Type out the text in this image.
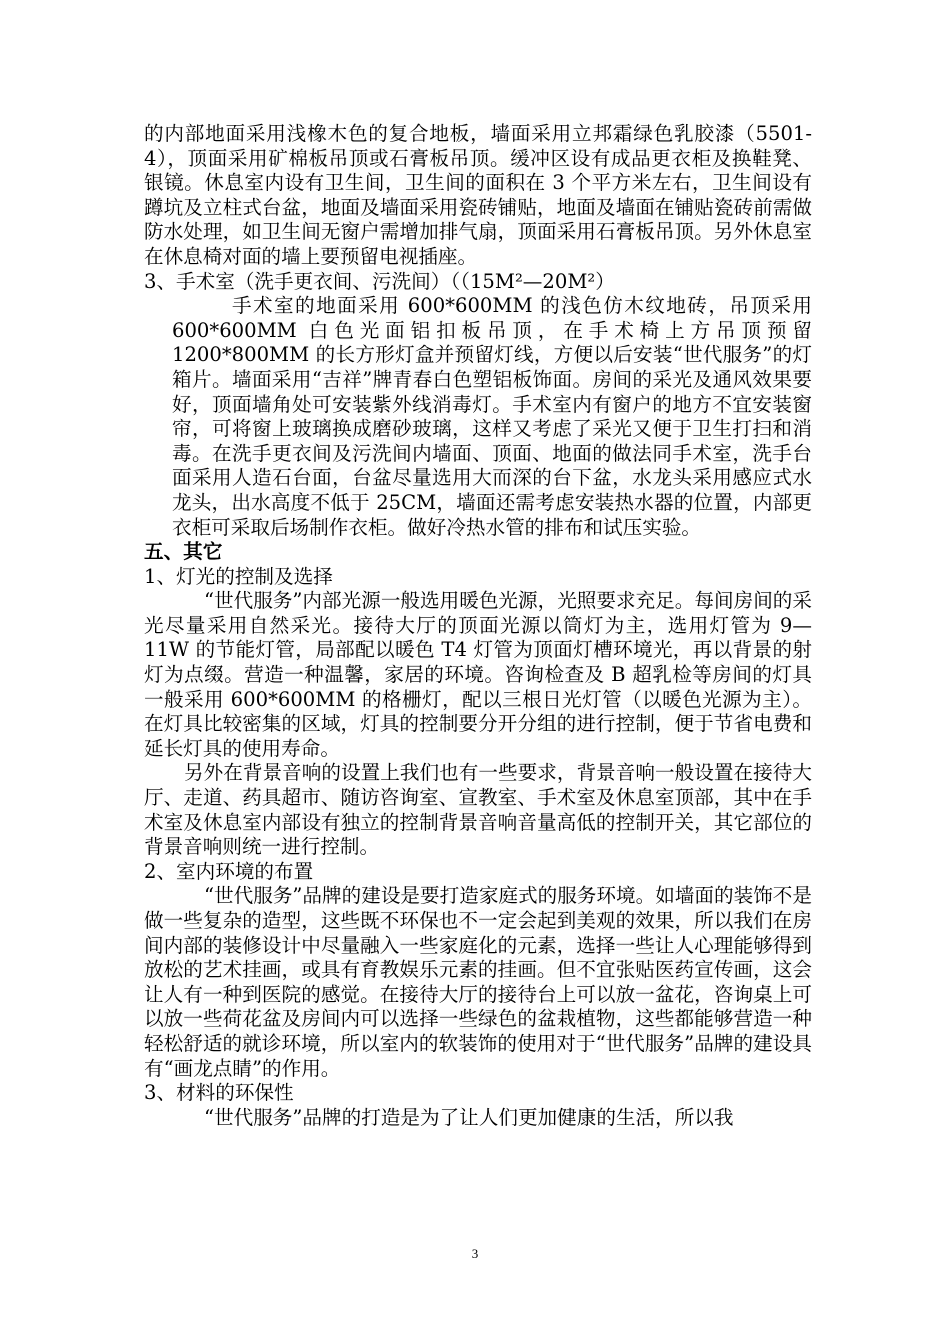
的内部地面采用浅橡木色的复合地板，墙面采用立邦霜绿色乳胶漆（5501-4），顶面采用矿棉板吊顶或石膏板吊顶。缓冲区设有成品更衣柜及换鞋凳、银镜。休息室内设有卫生间，卫生间的面积在 3 个平方米左右，卫生间设有蹲坑及立柱式台盆，地面及墙面采用瓷砖铺贴，地面及墙面在铺贴瓷砖前需做防水处理，如卫生间无窗户需增加排气扇，顶面采用石膏板吊顶。另外休息室在休息椅对面的墙上要预留电视插座。

3、手术室（洗手更衣间、污洗间）（（15M²—20M²）

手术室的地面采用 600*600MM 的浅色仿木纹地砖，吊顶采用 600*600MM 白色光面铝扣板吊顶，在手术椅上方吊顶预留 1200*800MM 的长方形灯盒并预留灯线，方便以后安装“世代服务”的灯箱片。墙面采用“吉祥”牌青春白色塑铝板饰面。房间的采光及通风效果要好，顶面墙角处可安装紫外线消毒灯。手术室内有窗户的地方不宜安装窗帘，可将窗上玻璃换成磨砂玻璃，这样又考虑了采光又便于卫生打扫和消毒。在洗手更衣间及污洗间内墙面、顶面、地面的做法同手术室，洗手台面采用人造石台面，台盆尽量选用大而深的台下盆，水龙头采用感应式水龙头，出水高度不低于 25CM，墙面还需考虑安装热水器的位置，内部更衣柜可采取后场制作衣柜。做好冷热水管的排布和试压实验。

五、其它

1、灯光的控制及选择

“世代服务”内部光源一般选用暖色光源，光照要求充足。每间房间的采光尽量采用自然采光。接待大厅的顶面光源以筒灯为主，选用灯管为 9—11W 的节能灯管，局部配以暖色 T4 灯管为顶面灯槽环境光，再以背景的射灯为点缀。营造一种温馨，家居的环境。咨询检查及 B 超乳检等房间的灯具一般采用 600*600MM 的格栅灯，配以三根日光灯管（以暖色光源为主）。在灯具比较密集的区域，灯具的控制要分开分组的进行控制，便于节省电费和延长灯具的使用寿命。

另外在背景音响的设置上我们也有一些要求，背景音响一般设置在接待大厅、走道、药具超市、随访咨询室、宣教室、手术室及休息室顶部，其中在手术室及休息室内部设有独立的控制背景音响音量高低的控制开关，其它部位的背景音响则统一进行控制。

2、室内环境的布置

“世代服务”品牌的建设是要打造家庭式的服务环境。如墙面的装饰不是做一些复杂的造型，这些既不环保也不一定会起到美观的效果，所以我们在房间内部的装修设计中尽量融入一些家庭化的元素，选择一些让人心理能够得到放松的艺术挂画，或具有育教娱乐元素的挂画。但不宜张贴医药宣传画，这会让人有一种到医院的感觉。在接待大厅的接待台上可以放一盆花，咨询桌上可以放一些荷花盆及房间内可以选择一些绿色的盆栽植物，这些都能够营造一种轻松舒适的就诊环境，所以室内的软装饰的使用对于“世代服务”品牌的建设具有“画龙点睛”的作用。

3、材料的环保性

“世代服务”品牌的打造是为了让人们更加健康的生活，所以我

3
